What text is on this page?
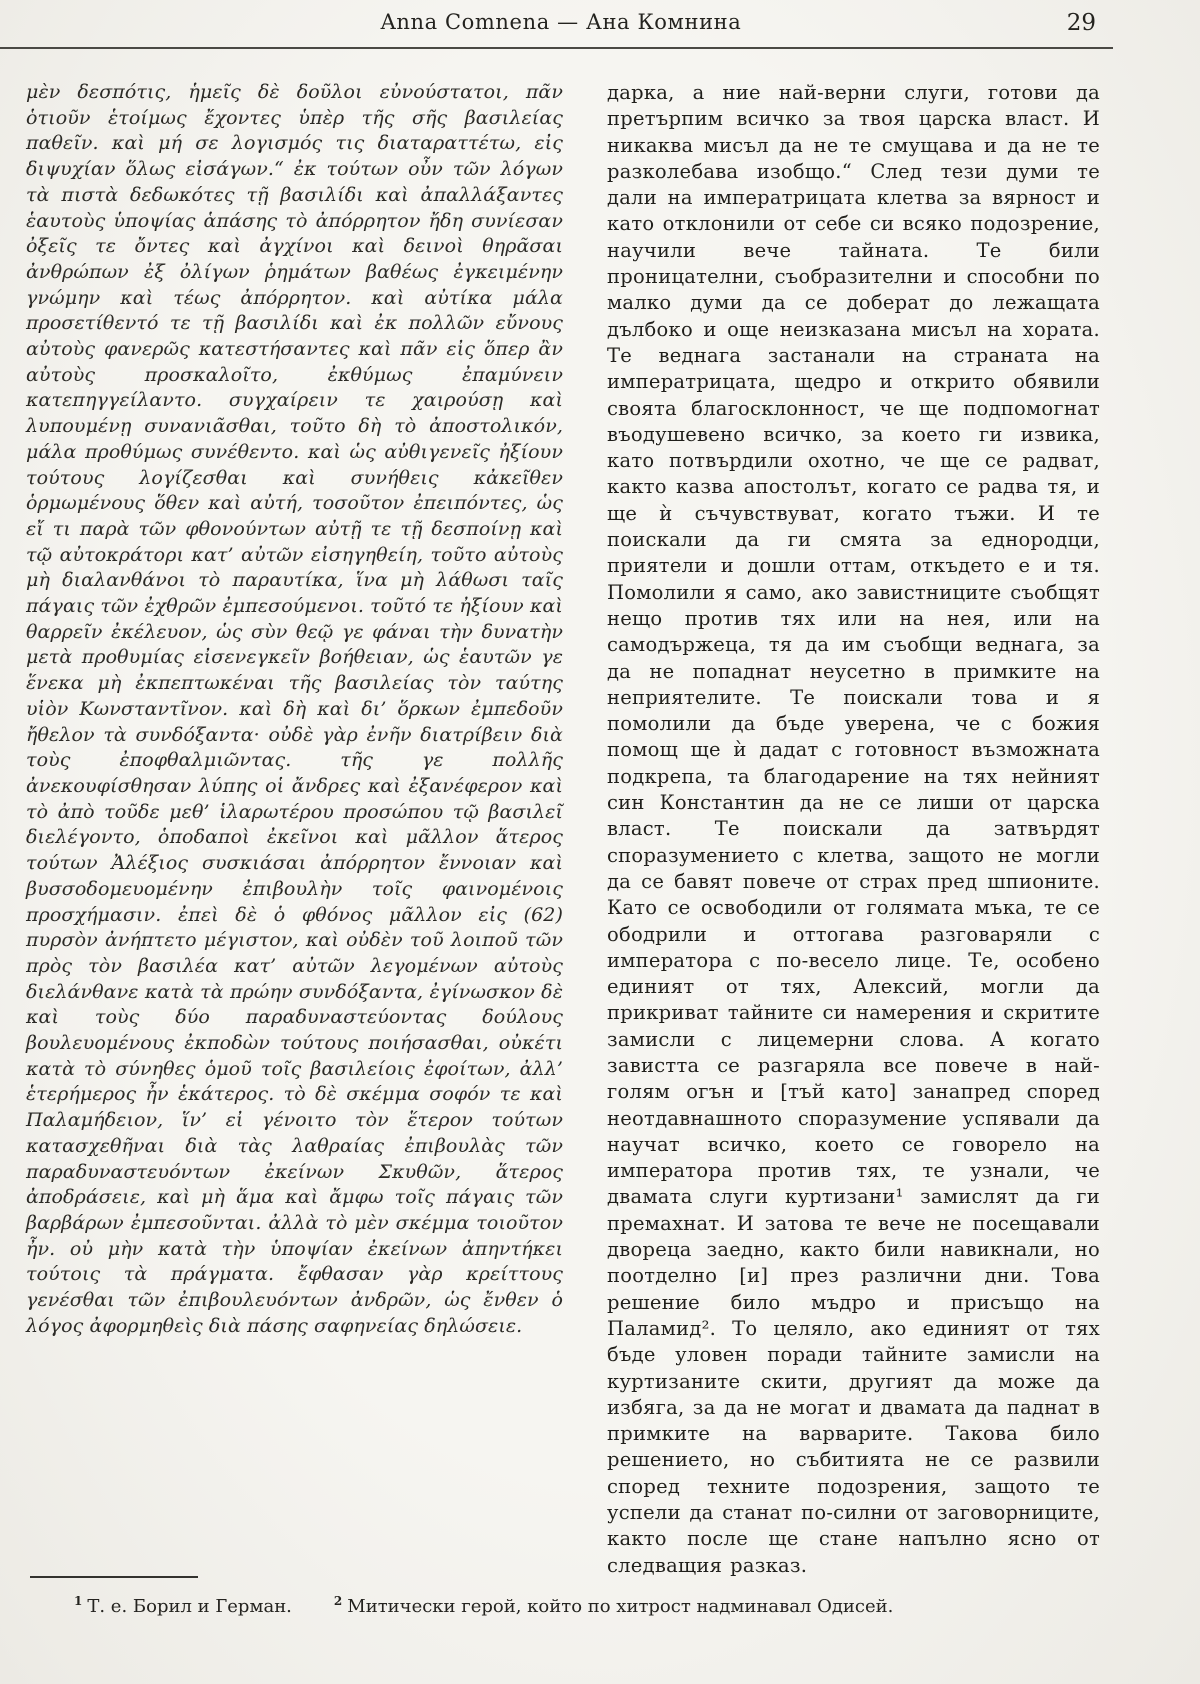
Anna Comnena — Ана Комнина	29
μὲν δεσπότις, ἡμεῖς δὲ δοῦλοι εὐνούστατοι, πᾶν ὁτιοῦν ἑτοίμως ἔχοντες ὑπὲρ τῆς σῆς βασιλείας παθεῖν. καὶ μή σε λογισμός τις διαταραττέτω, εἰς διψυχίαν ὅλως εἰσάγων.“ ἐκ τούτων οὖν τῶν λόγων τὰ πιστὰ δεδωκότες τῇ βασιλίδι καὶ ἀπαλλάξαντες ἑαυτοὺς ὑποψίας ἁπάσης τὸ ἀπόρρητον ἤδη συνίεσαν ὀξεῖς τε ὄντες καὶ ἀγχίνοι καὶ δεινοὶ θηρᾶσαι ἀνθρώπων ἐξ ὀλίγων ῥημάτων βαθέως ἐγκειμένην γνώμην καὶ τέως ἀπόρρητον. καὶ αὐτίκα μάλα προσετίθεντό τε τῇ βασιλίδι καὶ ἐκ πολλῶν εὔνους αὐτοὺς φανερῶς κατεστήσαντες καὶ πᾶν εἰς ὅπερ ἂν αὐτοὺς προσκαλοῖτο, ἐκθύμως ἐπαμύνειν κατεπηγγείλαντο. συγχαίρειν τε χαιρούσῃ καὶ λυπουμένῃ συνανιᾶσθαι, τοῦτο δὴ τὸ ἀποστολικόν, μάλα προθύμως συνέθεντο. καὶ ὡς αὐθιγενεῖς ἠξίουν τούτους λογίζεσθαι καὶ συνήθεις κἀκεῖθεν ὁρμωμένους ὅθεν καὶ αὐτή, τοσοῦτον ἐπειπόντες, ὡς εἴ τι παρὰ τῶν φθονούντων αὐτῇ τε τῇ δεσποίνῃ καὶ τῷ αὐτοκράτορι κατ’ αὐτῶν εἰσηγηθείη, τοῦτο αὐτοὺς μὴ διαλανθάνοι τὸ παραυτίκα, ἵνα μὴ λάθωσι ταῖς πάγαις τῶν ἐχθρῶν ἐμπεσούμενοι. τοῦτό τε ἠξίουν καὶ θαρρεῖν ἐκέλευον, ὡς σὺν θεῷ γε φάναι τὴν δυνατὴν μετὰ προθυμίας εἰσενεγκεῖν βοήθειαν, ὡς ἑαυτῶν γε ἕνεκα μὴ ἐκπεπτωκέναι τῆς βασιλείας τὸν ταύτης υἱὸν Κωνσταντῖνον. καὶ δὴ καὶ δι’ ὅρκων ἐμπεδοῦν ἤθελον τὰ συνδόξαντα· οὐδὲ γὰρ ἐνῆν διατρίβειν διὰ τοὺς ἐποφθαλμιῶντας. τῆς γε πολλῆς ἀνεκουφίσθησαν λύπης οἱ ἄνδρες καὶ ἐξανέφερον καὶ τὸ ἀπὸ τοῦδε μεθ’ ἱλαρωτέρου προσώπου τῷ βασιλεῖ διελέγοντο, ὁποδαποὶ ἐκεῖνοι καὶ μᾶλλον ἅτερος τούτων Ἀλέξιος συσκιάσαι ἀπόρρητον ἔννοιαν καὶ βυσσοδομευομένην ἐπιβουλὴν τοῖς φαινομένοις προσχήμασιν. ἐπεὶ δὲ ὁ φθόνος μᾶλλον εἰς (62) πυρσὸν ἀνήπτετο μέγιστον, καὶ οὐδὲν τοῦ λοιποῦ τῶν πρὸς τὸν βασιλέα κατ’ αὐτῶν λεγομένων αὐτοὺς διελάνθανε κατὰ τὰ πρώην συνδόξαντα, ἐγίνωσκον δὲ καὶ τοὺς δύο παραδυναστεύοντας δούλους βουλευομένους ἐκποδὼν τούτους ποιήσασθαι, οὐκέτι κατὰ τὸ σύνηθες ὁμοῦ τοῖς βασιλείοις ἐφοίτων, ἀλλ’ ἑτερήμερος ἦν ἑκάτερος. τὸ δὲ σκέμμα σοφόν τε καὶ Παλαμήδειον, ἵν’ εἰ γένοιτο τὸν ἕτερον τούτων κατασχεθῆναι διὰ τὰς λαθραίας ἐπιβουλὰς τῶν παραδυναστευόντων ἐκείνων Σκυθῶν, ἅτερος ἀποδράσειε, καὶ μὴ ἅμα καὶ ἄμφω τοῖς πάγαις τῶν βαρβάρων ἐμπεσοῦνται. ἀλλὰ τὸ μὲν σκέμμα τοιοῦτον ἦν. οὐ μὴν κατὰ τὴν ὑποψίαν ἐκείνων ἀπηντήκει τούτοις τὰ πράγματα. ἔφθασαν γὰρ κρείττους γενέσθαι τῶν ἐπιβουλευόντων ἀνδρῶν, ὡς ἔνθεν ὁ λόγος ἀφορμηθεὶς διὰ πάσης σαφηνείας δηλώσειε.
дарка, а ние най-верни слуги, готови да претърпим всичко за твоя царска власт. И никаква мисъл да не те смущава и да не те разколебава изобщо.“ След тези думи те дали на императрицата клетва за вярност и като отклонили от себе си всяко подозрение, научили вече тайната. Те били проницателни, съобразителни и способни по малко думи да се доберат до лежащата дълбоко и още неизказана мисъл на хората. Те веднага застанали на страната на императрицата, щедро и открито обявили своята благосклонност, че ще подпомогнат въодушевено всичко, за което ги извика, като потвърдили охотно, че ще се радват, както казва апостолът, когато се радва тя, и ще ѝ съчувствуват, когато тъжи. И те поискали да ги смята за еднородци, приятели и дошли оттам, откъдето е и тя. Помолили я само, ако завистниците съобщят нещо против тях или на нея, или на самодържеца, тя да им съобщи веднага, за да не попаднат неусетно в примките на неприятелите. Те поискали това и я помолили да бъде уверена, че с божия помощ ще ѝ дадат с готовност възможната подкрепа, та благодарение на тях нейният син Константин да не се лиши от царска власт. Те поискали да затвърдят споразумението с клетва, защото не могли да се бавят повече от страх пред шпионите. Като се освободили от голямата мъка, те се ободрили и оттогава разговаряли с императора с по-весело лице. Те, особено единият от тях, Алексий, могли да прикриват тайните си намерения и скритите замисли с лицемерни слова. А когато завистта се разгаряла все повече в най-голям огън и [тъй като] занапред според неотдавнашното споразумение успявали да научат всичко, което се говорело на императора против тях, те узнали, че двамата слуги куртизани¹ замислят да ги премахнат. И затова те вече не посещавали двореца заедно, както били навикнали, но поотделно [и] през различни дни. Това решение било мъдро и присъщо на Паламид². То целяло, ако единият от тях бъде уловен поради тайните замисли на куртизаните скити, другият да може да избяга, за да не могат и двамата да паднат в примките на варварите. Такова било решението, но събитията не се развили според техните подозрения, защото те успели да станат по-силни от заговорниците, както после ще стане напълно ясно от следващия разказ.
$^1$ Т. е. Борил и Герман.	$^2$ Митически герой, който по хитрост надминавал Одисей.
